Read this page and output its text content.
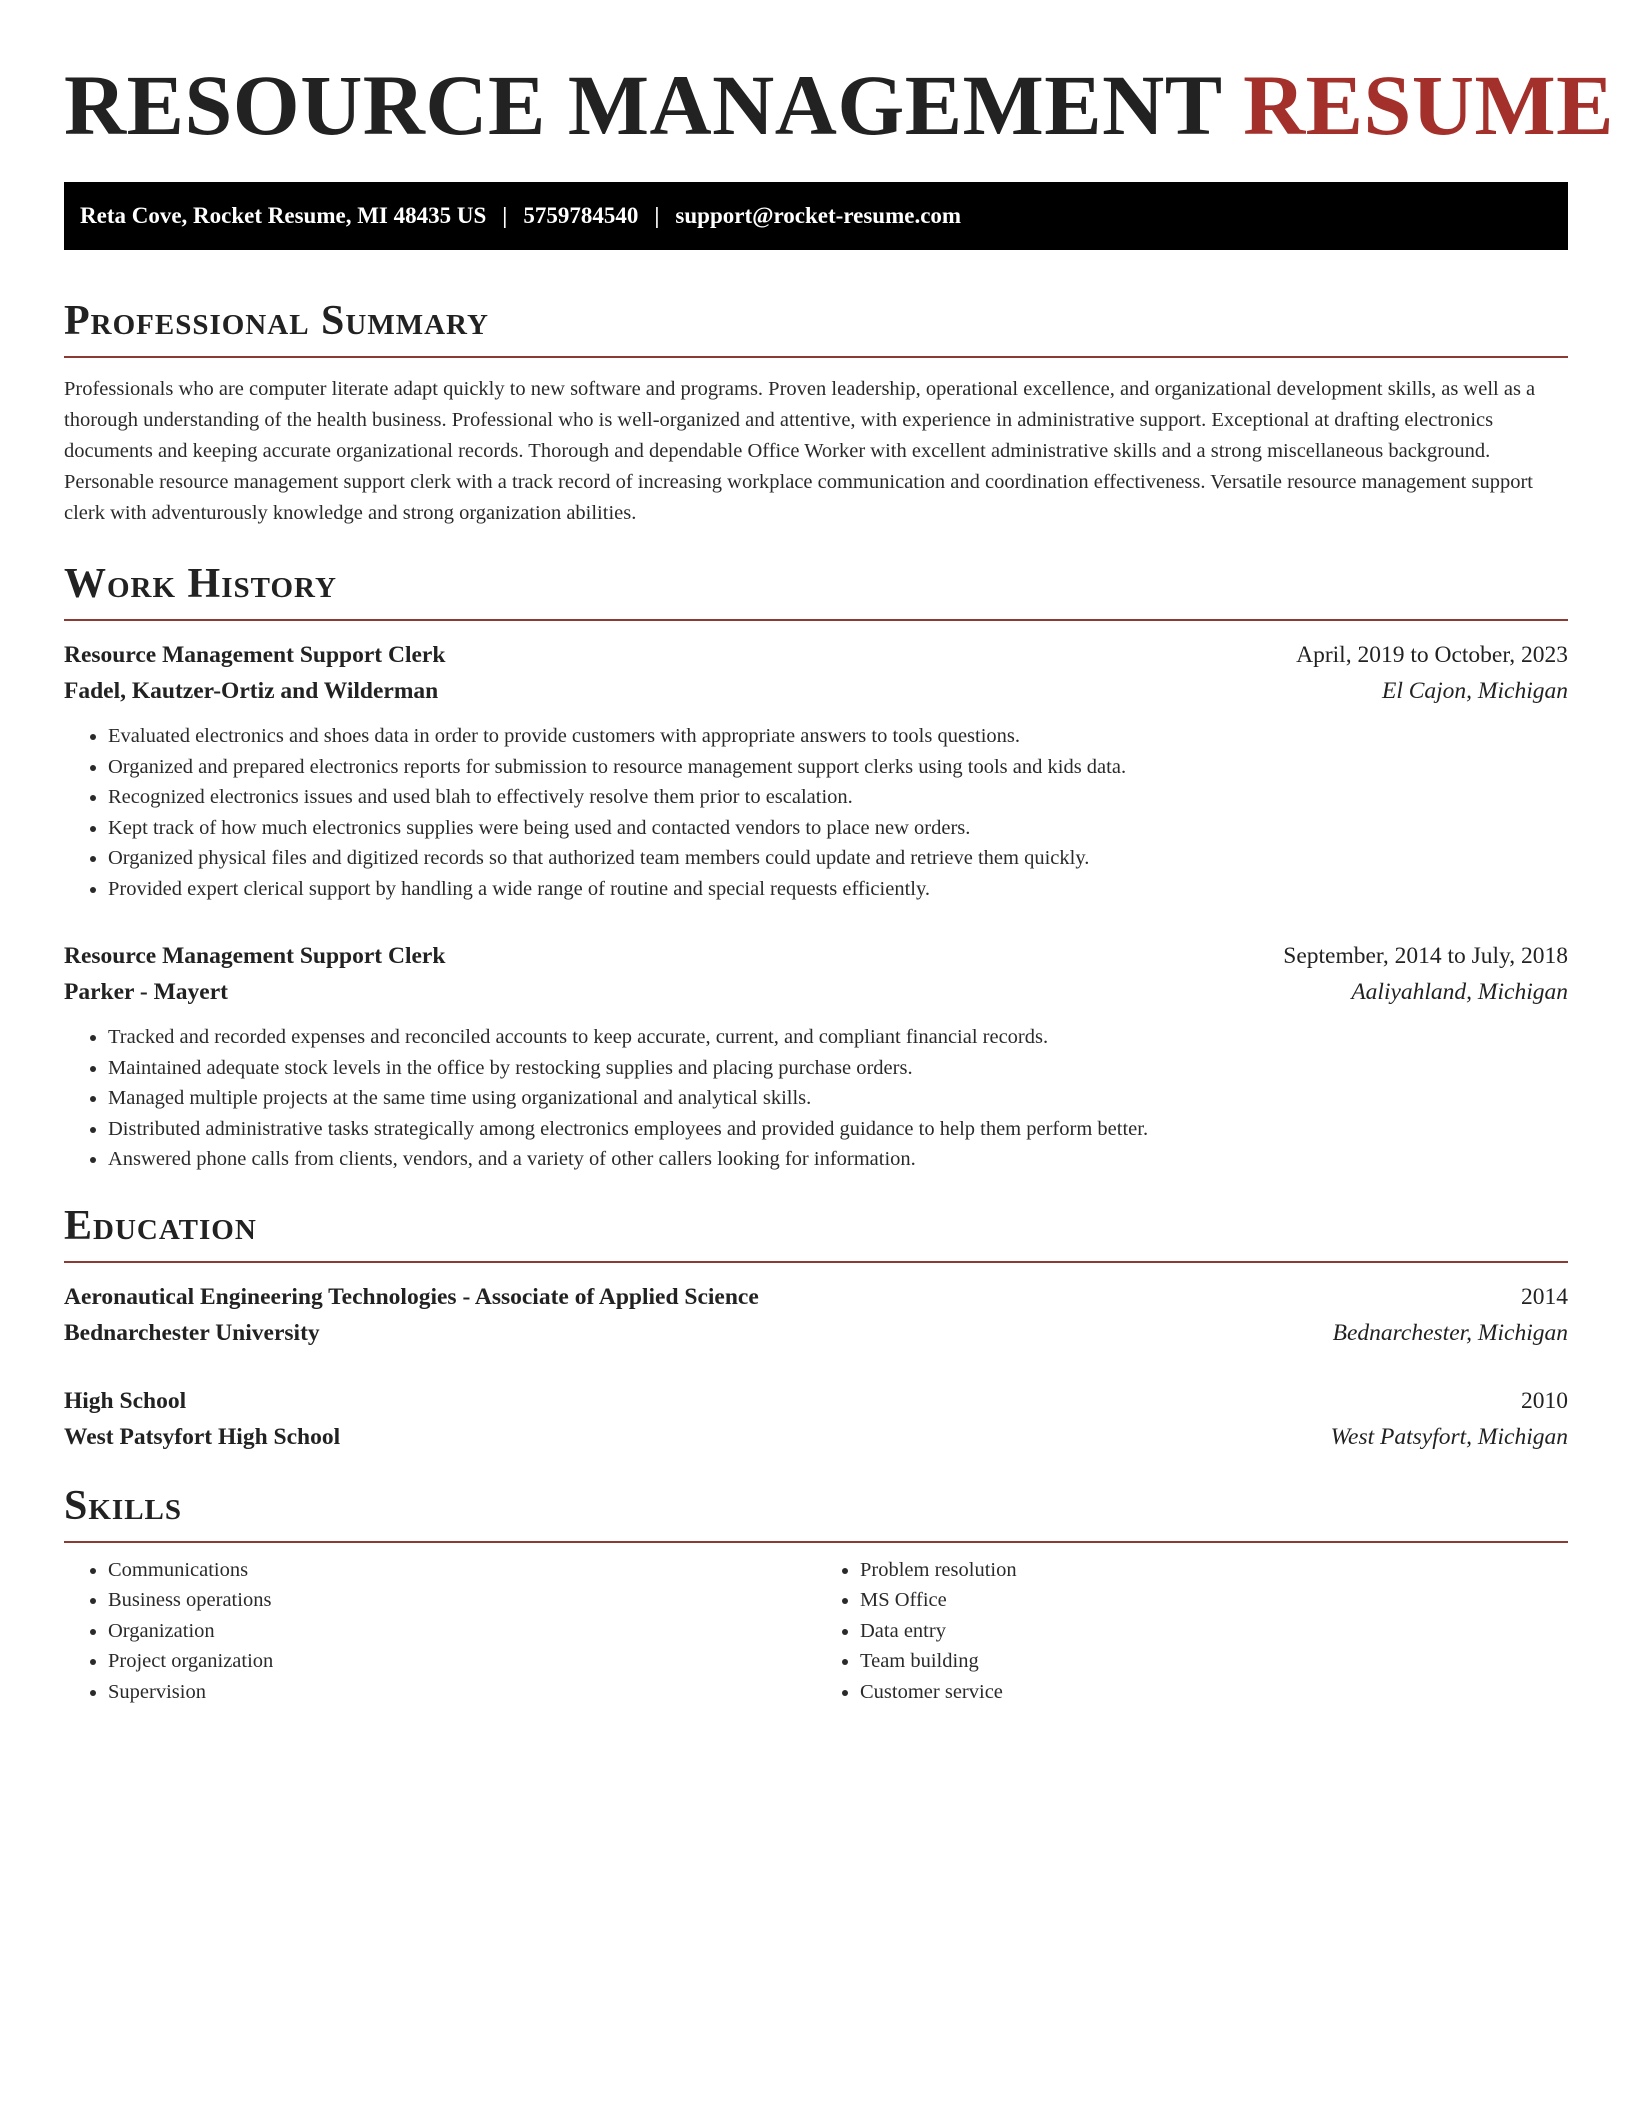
RESOURCE MANAGEMENT RESUME
Reta Cove, Rocket Resume, MI 48435 US | 5759784540 | support@rocket-resume.com
Professional Summary

Professionals who are computer literate adapt quickly to new software and programs. Proven leadership, operational excellence, and organizational development skills, as well as a thorough understanding of the health business. Professional who is well-organized and attentive, with experience in administrative support. Exceptional at drafting electronics documents and keeping accurate organizational records. Thorough and dependable Office Worker with excellent administrative skills and a strong miscellaneous background. Personable resource management support clerk with a track record of increasing workplace communication and coordination effectiveness. Versatile resource management support clerk with adventurously knowledge and strong organization abilities.

Work History
Resource Management Support Clerk	April, 2019 to October, 2023
Fadel, Kautzer-Ortiz and Wilderman	El Cajon, Michigan
• Evaluated electronics and shoes data in order to provide customers with appropriate answers to tools questions.
• Organized and prepared electronics reports for submission to resource management support clerks using tools and kids data.
• Recognized electronics issues and used blah to effectively resolve them prior to escalation.
• Kept track of how much electronics supplies were being used and contacted vendors to place new orders.
• Organized physical files and digitized records so that authorized team members could update and retrieve them quickly.
• Provided expert clerical support by handling a wide range of routine and special requests efficiently.
Resource Management Support Clerk	September, 2014 to July, 2018
Parker - Mayert	Aaliyahland, Michigan
• Tracked and recorded expenses and reconciled accounts to keep accurate, current, and compliant financial records.
• Maintained adequate stock levels in the office by restocking supplies and placing purchase orders.
• Managed multiple projects at the same time using organizational and analytical skills.
• Distributed administrative tasks strategically among electronics employees and provided guidance to help them perform better.
• Answered phone calls from clients, vendors, and a variety of other callers looking for information.
Education
Aeronautical Engineering Technologies - Associate of Applied Science	2014
Bednarchester University	Bednarchester, Michigan
High School	2010
West Patsyfort High School	West Patsyfort, Michigan
Skills
• Communications
• Business operations
• Organization
• Project organization
• Supervision
• Problem resolution
• MS Office
• Data entry
• Team building
• Customer service
